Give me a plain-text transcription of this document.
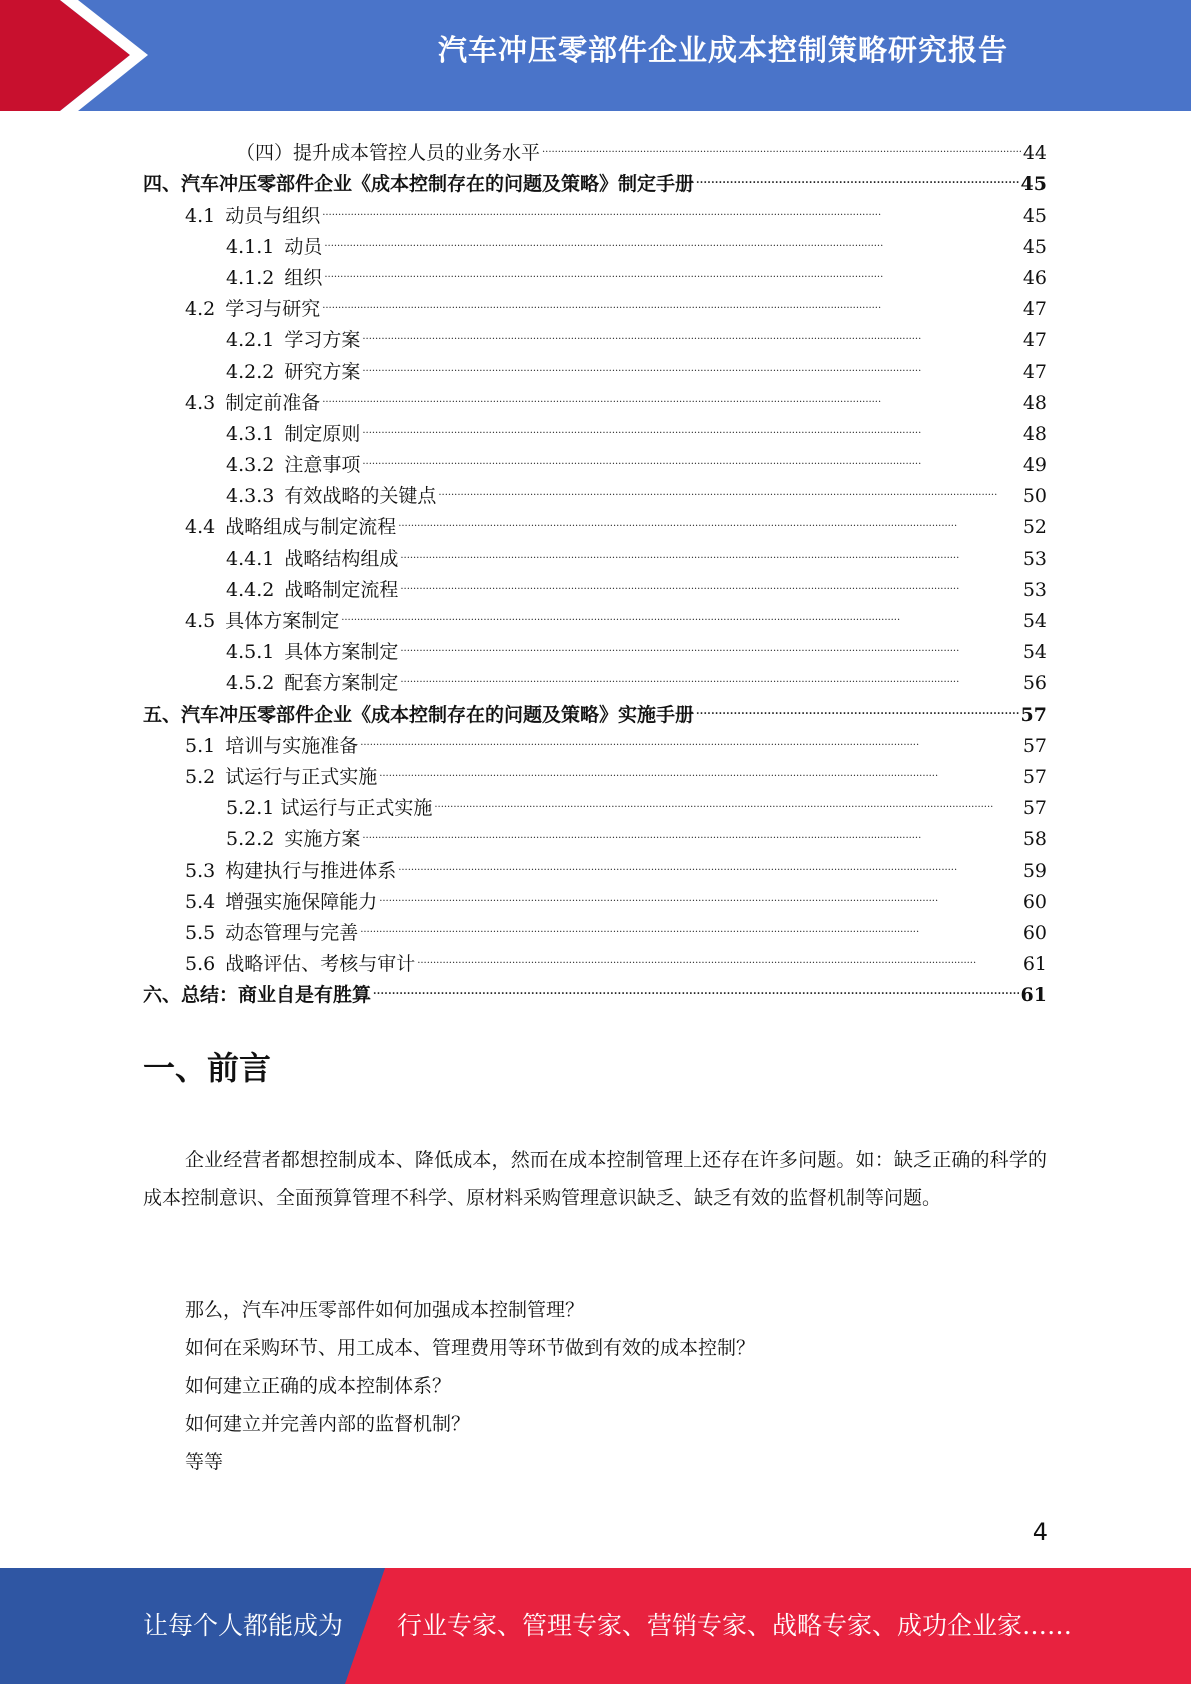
汽车冲压零部件企业成本控制策略研究报告
（四）提升成本管控人员的业务水平 . . .	44
四、汽车冲压零部件企业《成本控制存在的问题及策略》制定手册 . . .	45
4.1 动员与组织 . . .	45
4.1.1 动员 . . .	45
4.1.2 组织 . . .	46
4.2 学习与研究 . . .	47
4.2.1 学习方案 . . .	47
4.2.2 研究方案 . . .	47
4.3 制定前准备 . . .	48
4.3.1 制定原则 . . .	48
4.3.2 注意事项 . . .	49
4.3.3 有效战略的关键点 . . .	50
4.4 战略组成与制定流程 . . .	52
4.4.1 战略结构组成 . . .	53
4.4.2 战略制定流程 . . .	53
4.5 具体方案制定 . . .	54
4.5.1 具体方案制定 . . .	54
4.5.2 配套方案制定 . . .	56
五、汽车冲压零部件企业《成本控制存在的问题及策略》实施手册 . . .	57
5.1 培训与实施准备 . . .	57
5.2 试运行与正式实施 . . .	57
5.2.1 试运行与正式实施 . . .	57
5.2.2 实施方案 . . .	58
5.3 构建执行与推进体系 . . .	59
5.4 增强实施保障能力 . . .	60
5.5 动态管理与完善 . . .	60
5.6 战略评估、考核与审计 . . .	61
六、总结：商业自是有胜算 . . .	61
一、前言
企业经营者都想控制成本、降低成本，然而在成本控制管理上还存在许多问题。如：缺乏正确的科学的成本控制意识、全面预算管理不科学、原材料采购管理意识缺乏、缺乏有效的监督机制等问题。
那么，汽车冲压零部件如何加强成本控制管理？
如何在采购环节、用工成本、管理费用等环节做到有效的成本控制？
如何建立正确的成本控制体系？
如何建立并完善内部的监督机制？
等等
4
让每个人都能成为 行业专家、管理专家、营销专家、战略专家、成功企业家……
